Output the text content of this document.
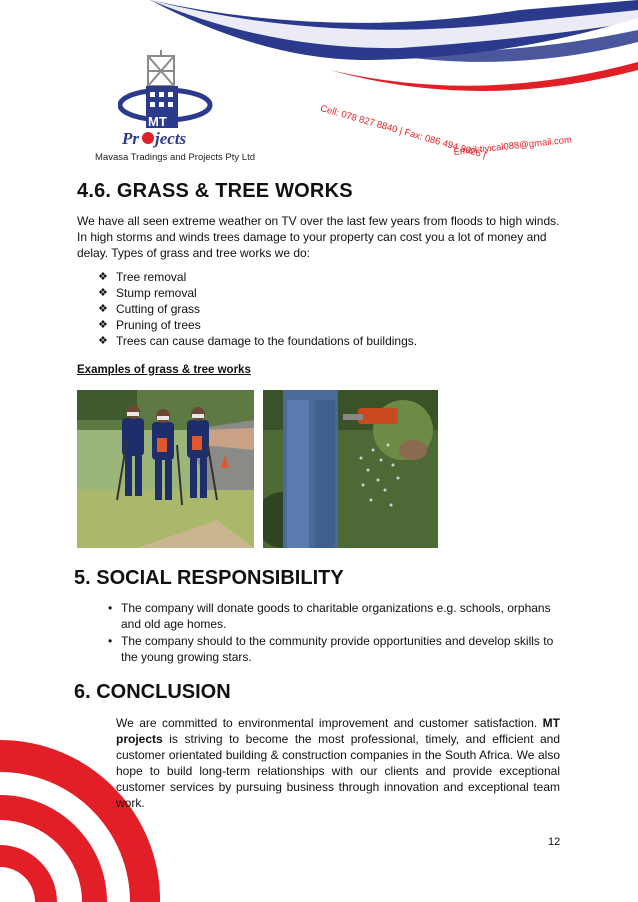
MT
Pr jects
Mavasa Tradings and Projects Pty Ltd	Cell: 078 827 8840 | Fax: 086 494 8926 |
Email:tiyical088@gmail.com
4.6. GRASS & TREE WORKS
We have all seen extreme weather on TV over the last few years from floods to high winds. In high storms and winds trees damage to your property can cost you a lot of money and delay. Types of grass and tree works we do:
❖ Tree removal
❖ Stump removal
❖ Cutting of grass
❖ Pruning of trees
❖ Trees can cause damage to the foundations of buildings.
Examples of grass & tree works
5. SOCIAL RESPONSIBILITY
• The company will donate goods to charitable organizations e.g. schools, orphans and old age homes.
• The company should to the community provide opportunities and develop skills to the young growing stars.
6. CONCLUSION
We are committed to environmental improvement and customer satisfaction. MT projects is striving to become the most professional, timely, and efficient and customer orientated building & construction companies in the South Africa. We also hope to build long-term relationships with our clients and provide exceptional customer services by pursuing business through innovation and exceptional team work.
12
